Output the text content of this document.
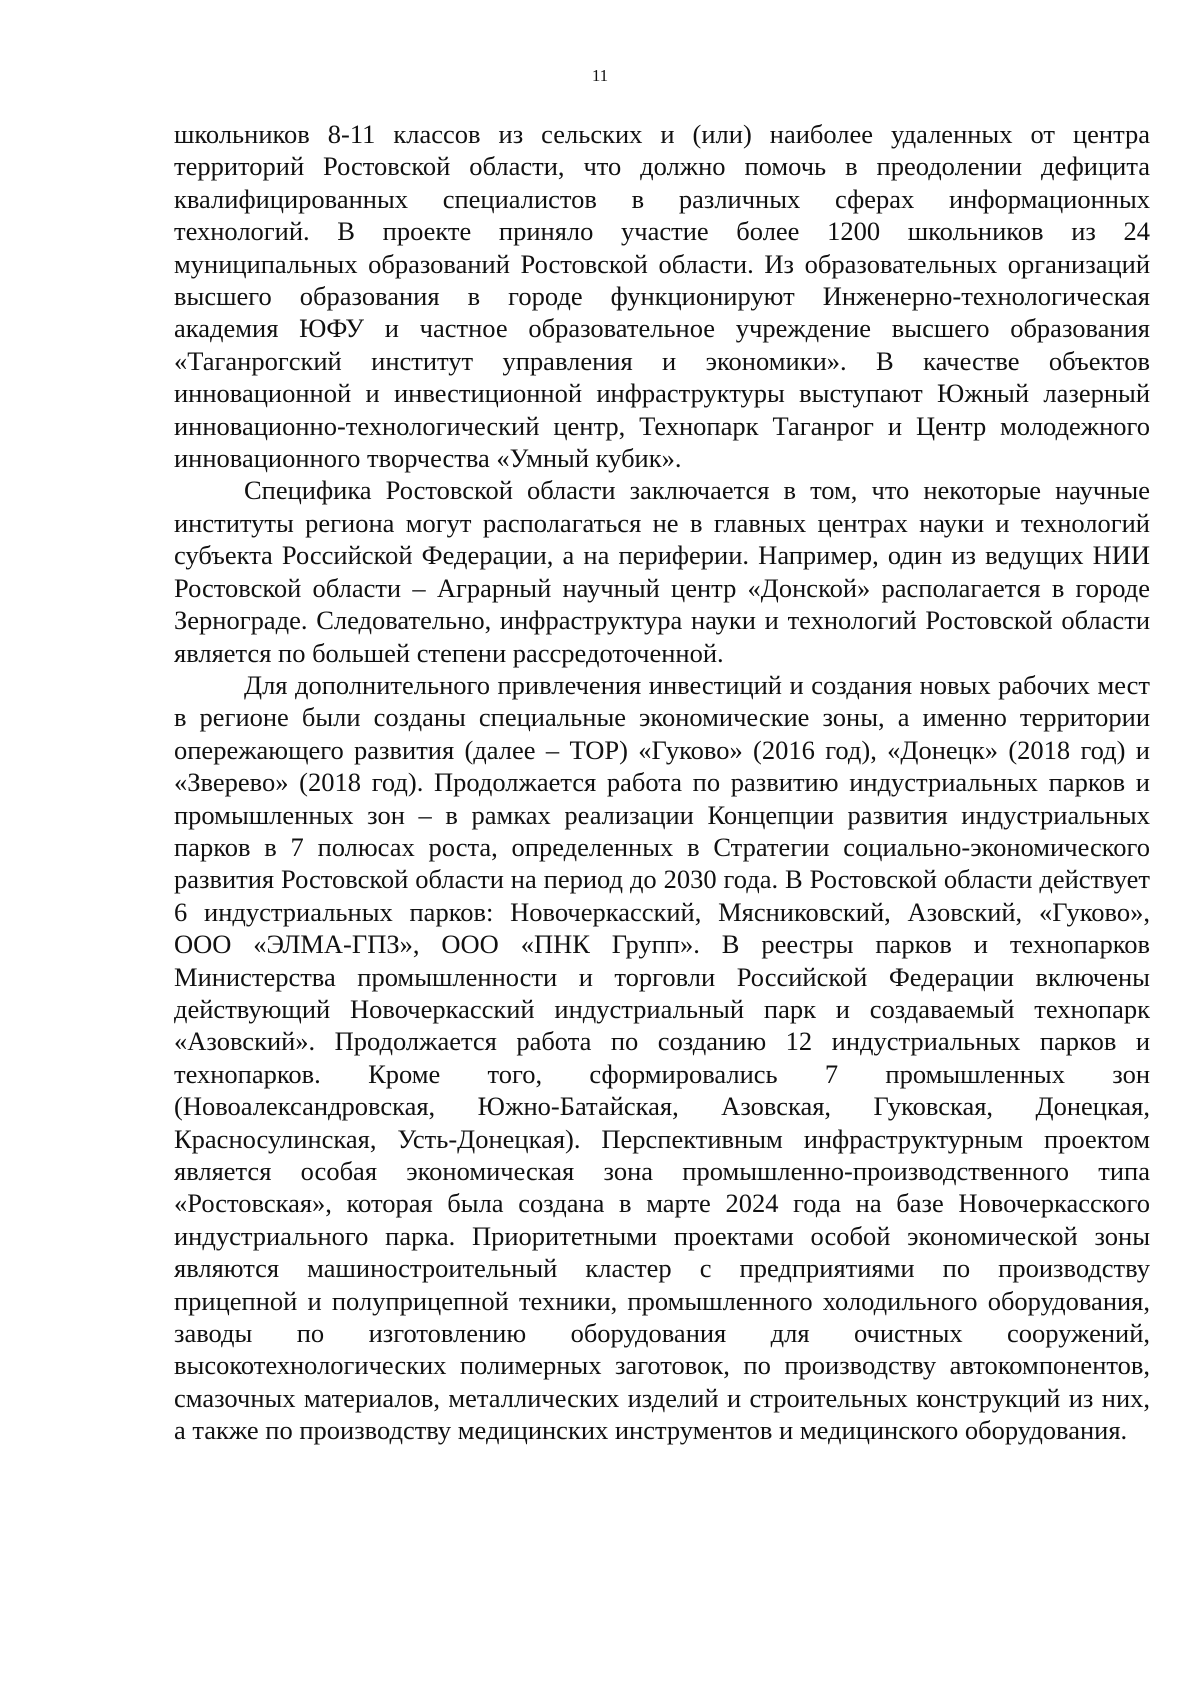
11

школьников 8-11 классов из сельских и (или) наиболее удаленных от центра территорий Ростовской области, что должно помочь в преодолении дефицита квалифицированных специалистов в различных сферах информационных технологий. В проекте приняло участие более 1200 школьников из 24 муниципальных образований Ростовской области. Из образовательных организаций высшего образования в городе функционируют Инженерно-технологическая академия ЮФУ и частное образовательное учреждение высшего образования «Таганрогский институт управления и экономики». В качестве объектов инновационной и инвестиционной инфраструктуры выступают Южный лазерный инновационно-технологический центр, Технопарк Таганрог и Центр молодежного инновационного творчества «Умный кубик».

Специфика Ростовской области заключается в том, что некоторые научные институты региона могут располагаться не в главных центрах науки и технологий субъекта Российской Федерации, а на периферии. Например, один из ведущих НИИ Ростовской области – Аграрный научный центр «Донской» располагается в городе Зернограде. Следовательно, инфраструктура науки и технологий Ростовской области является по большей степени рассредоточенной.

Для дополнительного привлечения инвестиций и создания новых рабочих мест в регионе были созданы специальные экономические зоны, а именно территории опережающего развития (далее – ТОР) «Гуково» (2016 год), «Донецк» (2018 год) и «Зверево» (2018 год). Продолжается работа по развитию индустриальных парков и промышленных зон – в рамках реализации Концепции развития индустриальных парков в 7 полюсах роста, определенных в Стратегии социально-экономического развития Ростовской области на период до 2030 года. В Ростовской области действует 6 индустриальных парков: Новочеркасский, Мясниковский, Азовский, «Гуково», ООО «ЭЛМА-ГПЗ», ООО «ПНК Групп». В реестры парков и технопарков Министерства промышленности и торговли Российской Федерации включены действующий Новочеркасский индустриальный парк и создаваемый технопарк «Азовский». Продолжается работа по созданию 12 индустриальных парков и технопарков. Кроме того, сформировались 7 промышленных зон (Новоалександровская, Южно-Батайская, Азовская, Гуковская, Донецкая, Красносулинская, Усть-Донецкая). Перспективным инфраструктурным проектом является особая экономическая зона промышленно-производственного типа «Ростовская», которая была создана в марте 2024 года на базе Новочеркасского индустриального парка. Приоритетными проектами особой экономической зоны являются машиностроительный кластер с предприятиями по производству прицепной и полуприцепной техники, промышленного холодильного оборудования, заводы по изготовлению оборудования для очистных сооружений, высокотехнологических полимерных заготовок, по производству автокомпонентов, смазочных материалов, металлических изделий и строительных конструкций из них, а также по производству медицинских инструментов и медицинского оборудования.
